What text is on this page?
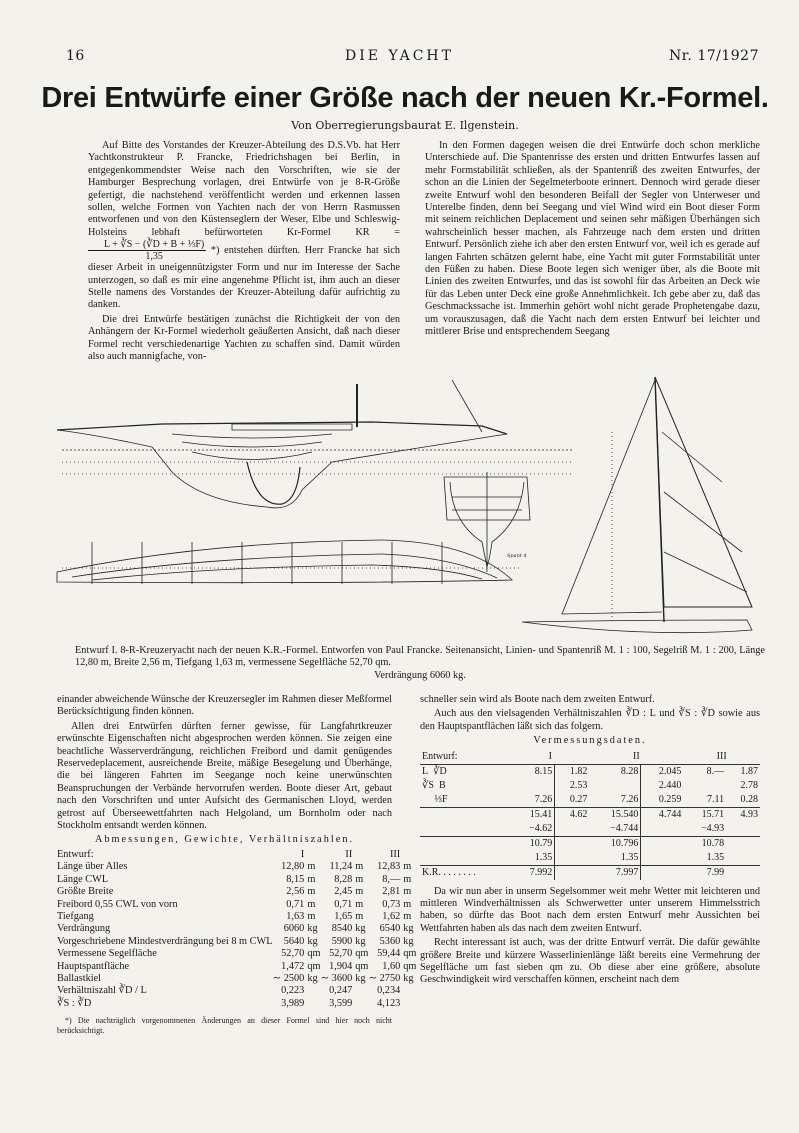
16	DIE YACHT	Nr. 17/1927
Drei Entwürfe einer Größe nach der neuen Kr.-Formel.
Von Oberregierungsbaurat E. Ilgenstein.

Auf Bitte des Vorstandes der Kreuzer-Abteilung des D.S.Vb. hat Herr Yachtkonstrukteur P. Francke, Friedrichshagen bei Berlin, in entgegenkommendster Weise nach den Vorschriften, wie sie der Hamburger Besprechung vorlagen, drei Entwürfe von je 8-R-Größe gefertigt, die nachstehend veröffentlicht werden und erkennen lassen sollen, welche Formen von Yachten nach der von Herrn Rasmussen entworfenen und von den Küstenseglern der Weser, Elbe und Schleswig-Holsteins lebhaft befürworteten Kr-Formel KR =
$\frac{\text{L + ∛S − (∛D + B + ⅓F)}}{1,35}$ *) entstehen dürften. Herr Francke hat sich dieser Arbeit in uneigennützigster Form und nur im Interesse der Sache unterzogen, so daß es mir eine angenehme Pflicht ist, ihm auch an dieser Stelle namens des Vorstandes der Kreuzer-Abteilung dafür aufrichtig zu danken.

Die drei Entwürfe bestätigen zunächst die Richtigkeit der von den Anhängern der Kr-Formel wiederholt geäußerten Ansicht, daß nach dieser Formel recht verschiedenartige Yachten zu schaffen sind. Damit würden also auch mannigfache, von-

In den Formen dagegen weisen die drei Entwürfe doch schon merkliche Unterschiede auf. Die Spantenrisse des ersten und dritten Entwurfes lassen auf mehr Formstabilität schließen, als der Spantenriß des zweiten Entwurfes, der schon an die Linien der Segelmeterboote erinnert. Dennoch wird gerade dieser zweite Entwurf wohl den besonderen Beifall der Segler von Unterweser und Unterelbe finden, denn bei Seegang und viel Wind wird ein Boot dieser Form mit seinem reichlichen Deplacement und seinen sehr mäßigen Überhängen sich wahrscheinlich besser machen, als Fahrzeuge nach dem ersten und dritten Entwurf. Persönlich ziehe ich aber den ersten Entwurf vor, weil ich es gerade auf langen Fahrten schätzen gelernt habe, eine Yacht mit guter Formstabilität unter den Füßen zu haben. Diese Boote legen sich weniger über, als die Boote mit Linien des zweiten Entwurfes, und das ist sowohl für das Arbeiten an Deck wie für das Leben unter Deck eine große Annehmlichkeit. Ich gebe aber zu, daß das Geschmackssache ist. Immerhin gehört wohl nicht gerade Prophetengabe dazu, um vorauszusagen, daß die Yacht nach dem ersten Entwurf bei leichter und mittlerer Brise und entsprechendem Seegang

Spant 4
Entwurf I. 8-R-Kreuzeryacht nach der neuen K.R.-Formel. Entworfen von Paul Francke. Seitenansicht, Linien- und Spantenriß M. 1 : 100, Segelriß M. 1 : 200, Länge 12,80 m, Breite 2,56 m, Tiefgang 1,63 m, vermessene Segelfläche 52,70 qm.
Verdrängung 6060 kg.

einander abweichende Wünsche der Kreuzersegler im Rahmen dieser Meßformel Berücksichtigung finden können.

Allen drei Entwürfen dürften ferner gewisse, für Langfahrtkreuzer erwünschte Eigenschaften nicht abgesprochen werden können. Sie zeigen eine beachtliche Wasserverdrängung, reichlichen Freibord und damit genügendes Reservedeplacement, ausreichende Breite, mäßige Besegelung und Überhänge, die bei längeren Fahrten im Seegange noch keine unerwünschten Beanspruchungen der Verbände hervorrufen werden. Boote dieser Art, gebaut nach den Vorschriften und unter Aufsicht des Germanischen Lloyd, werden getrost auf Überseewettfahrten nach Helgoland, um Bornholm oder nach Stockholm entsandt werden können.

Abmessungen, Gewichte, Verhältniszahlen.
Entwurf:	I		II		III	
Länge über Alles	12,80	m	11,24	m	12,83	m
Länge CWL	8,15	m	8,28	m	8,—	m
Größte Breite	2,56	m	2,45	m	2,81	m
Freibord 0,55 CWL von vorn	0,71	m	0,71	m	0,73	m
Tiefgang	1,63	m	1,65	m	1,62	m
Verdrängung	6060	kg	8540	kg	6540	kg
Vorgeschriebene Mindestverdrängung bei 8 m CWL	5640	kg	5900	kg	5360	kg
Vermessene Segelfläche	52,70	qm	52,70	qm	59,44	qm
Hauptspantfläche	1,472	qm	1,904	qm	1,60	qm
Ballastkiel	∼ 2500	kg	∼ 3600	kg	∼ 2750	kg
Verhältniszahl ∛D / L	0,223		0,247		0,234	
∛S : ∛D	3,989		3,599		4,123	
*) Die nachträglich vorgenommenen Änderungen an dieser Formel sind hier noch nicht berücksichtigt.

schneller sein wird als Boote nach dem zweiten Entwurf.

Auch aus den vielsagenden Verhältniszahlen ∛D : L und ∛S : ∛D sowie aus den Hauptspantflächen läßt sich das folgern.

Vermessungsdaten.
Entwurf:	I		II		III	
L ∛D	8.15	1.82	8.28	2.045	8.—	1.87
∛S B		2.53		2.440		2.78
⅓F	7.26	0.27	7.26	0.259	7.11	0.28
	15.41	4.62	15.540	4.744	15.71	4.93
	−4.62		−4.744		−4.93	
	10.79		10.796		10.78	
	1.35		1.35		1.35	
K.R. . . . . . . .	7.992		7.997		7.99	

Da wir nun aber in unserm Segelsommer weit mehr Wetter mit leichteren und mittleren Windverhältnissen als Schwerwetter unter unserem Himmelsstrich haben, so dürfte das Boot nach dem ersten Entwurf mehr Aussichten bei Wettfahrten haben als das nach dem zweiten Entwurf.

Recht interessant ist auch, was der dritte Entwurf verrät. Die dafür gewählte größere Breite und kürzere Wasserlinienlänge läßt bereits eine Vermehrung der Segelfläche um fast sieben qm zu. Ob diese aber eine größere, absolute Geschwindigkeit wird verschaffen können, erscheint nach dem
